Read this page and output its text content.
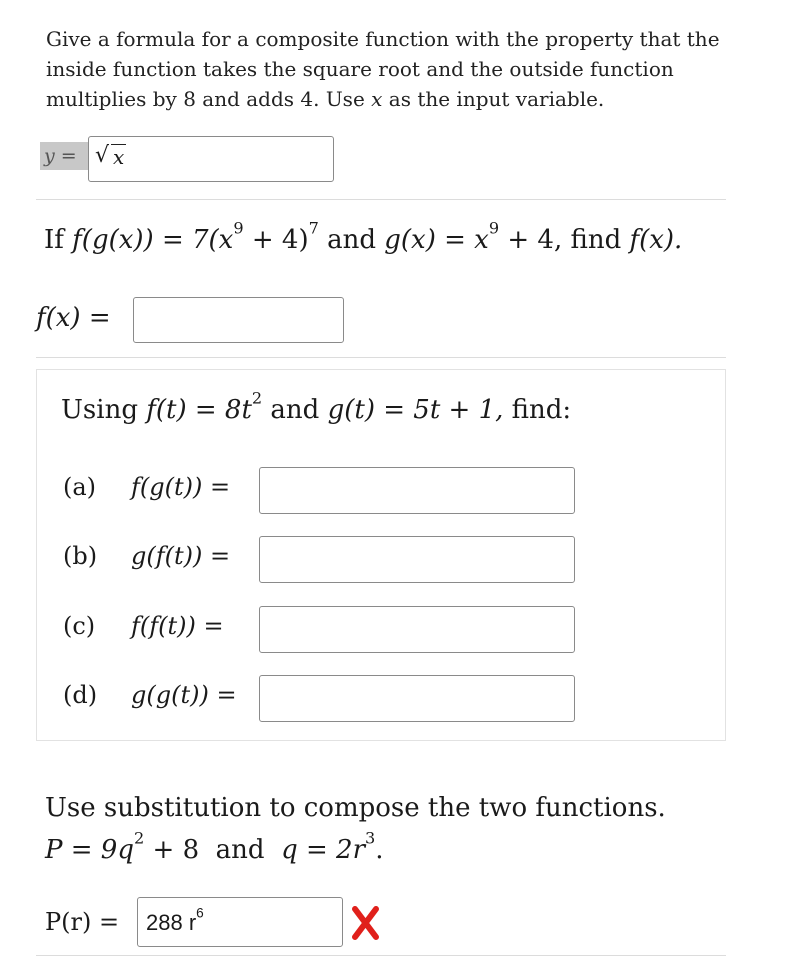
Give a formula for a composite function with the property that the
inside function takes the square root and the outside function
multiplies by 8 and adds 4. Use x as the input variable.
y = √ x
If $f(g(x)) = 7(x^9 + 4)^7$ and $g(x) = x^9 + 4$, find f(x).
f(x) =
Using $f(t) = 8t^2$ and g(t) = 5t + 1, find:
(a) f(g(t)) =
(b) g(f(t)) =
(c) f(f(t)) =
(d) g(g(t)) =
Use substitution to compose the two functions.
$P = 9q^2 + 8$  and  $q = 2r^3$.
P(r) = 288 $r^6$
